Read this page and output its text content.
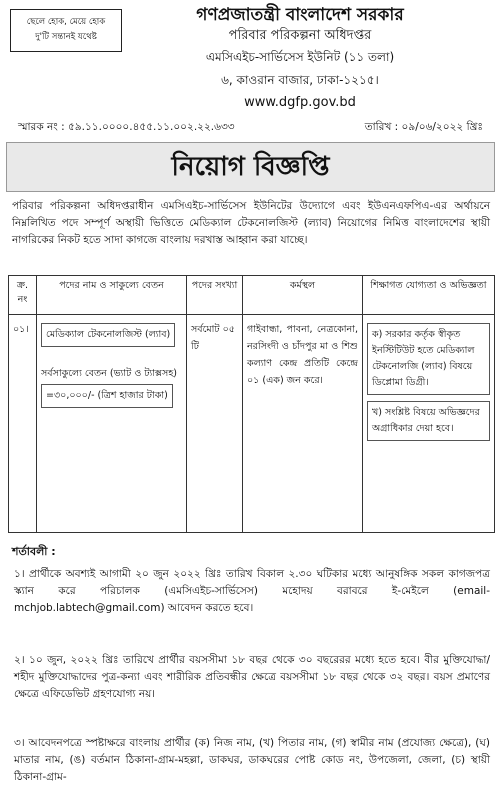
ছেলে হোক, মেয়ে হোক
দু'টি সন্তানই যথেষ্ট
গণপ্রজাতন্ত্রী বাংলাদেশ সরকার
পরিবার পরিকল্পনা অধিদপ্তর
এমসিএইচ-সার্ভিসেস ইউনিট (১১ তলা)
৬, কাওরান বাজার, ঢাকা-১২১৫।
www.dgfp.gov.bd
স্মারক নং : ৫৯.১১.০০০০.৪৫৫.১১.০০২.২২.৬৩৩	তারিখ : ০৯/০৬/২০২২ খ্রিঃ
নিয়োগ বিজ্ঞপ্তি
পরিবার পরিকল্পনা অধিদপ্তরাধীন এমসিএইচ-সার্ভিসেস ইউনিটের উদ্যোগে এবং ইউএনএফপিএ-এর অর্থায়নে নিম্নলিখিত পদে সম্পূর্ণ অস্থায়ী ভিত্তিতে মেডিক্যাল টেকনোলজিস্ট (ল্যাব) নিয়োগের নিমিত্ত বাংলাদেশের স্থায়ী নাগরিকের নিকট হতে সাদা কাগজে বাংলায় দরখাস্ত আহ্বান করা যাচ্ছে।
ক্র. নং	পদের নাম ও সাকুল্যে বেতন	পদের সংখ্যা	কর্মস্থল	শিক্ষাগত যোগ্যতা ও অভিজ্ঞতা
০১।	মেডিক্যাল টেকনোলজিস্ট (ল্যাব)
সর্বসাকুল্যে বেতন (ভ্যাট ও ট্যাক্সসহ)
=৩০,০০০/- (ত্রিশ হাজার টাকা)	সর্বমোট ০৫ টি	গাইবান্ধা, পাবনা, নেত্রকোনা, নরসিংদী ও চাঁদপুর মা ও শিশু কল্যাণ কেন্দ্র প্রতিটি কেন্দ্রে ০১ (এক) জন করে।	ক) সরকার কর্তৃক স্বীকৃত ইনস্টিটিউট হতে মেডিক্যাল টেকনোলজি (ল্যাব) বিষয়ে ডিপ্লোমা ডিগ্রী। খ) সংশ্লিষ্ট বিষয়ে অভিজ্ঞদের অগ্রাধিকার দেয়া হবে।
শর্তাবলী :
১। প্রার্থীকে অবশ্যই আগামী ২০ জুন ২০২২ খ্রিঃ তারিখ বিকাল ২.৩০ ঘটিকার মধ্যে আনুষঙ্গিক সকল কাগজপত্র স্ক্যান করে পরিচালক (এমসিএইচ-সার্ভিসেস) মহোদয় বরাবরে ই-মেইলে (email-mchjob.labtech@gmail.com) আবেদন করতে হবে।
২। ১০ জুন, ২০২২ খ্রিঃ তারিখে প্রার্থীর বয়সসীমা ১৮ বছর থেকে ৩০ বছরেরর মধ্যে হতে হবে। বীর মুক্তিযোদ্ধা/শহীদ মুক্তিযোদ্ধাদের পুত্র-কন্যা এবং শারীরিক প্রতিবন্ধীর ক্ষেত্রে বয়সসীমা ১৮ বছর থেকে ৩২ বছর। বয়স প্রমাণের ক্ষেত্রে এফিডেভিট গ্রহণযোগ্য নয়।
৩। আবেদনপত্রে স্পষ্টাক্ষরে বাংলায় প্রার্থীর (ক) নিজ নাম, (খ) পিতার নাম, (গ) স্বামীর নাম (প্রযোজ্য ক্ষেত্রে), (ঘ) মাতার নাম, (ঙ) বর্তমান ঠিকানা-গ্রাম-মহল্লা, ডাকঘর, ডাকঘরের পোষ্ট কোড নং, উপজেলা, জেলা, (চ) স্থায়ী ঠিকানা-গ্রাম-
